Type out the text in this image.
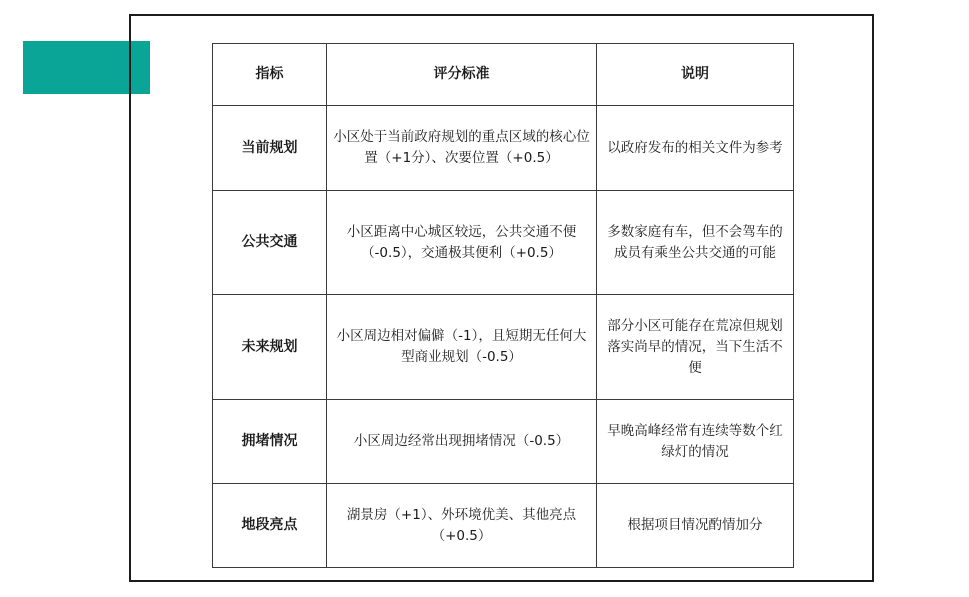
指标	评分标准	说明
当前规划	小区处于当前政府规划的重点区域的核心位置（+1分）、次要位置（+0.5）	以政府发布的相关文件为参考
公共交通	小区距离中心城区较远，公共交通不便（-0.5），交通极其便利（+0.5）	多数家庭有车，但不会驾车的成员有乘坐公共交通的可能
未来规划	小区周边相对偏僻（-1），且短期无任何大型商业规划（-0.5）	部分小区可能存在荒凉但规划落实尚早的情况，当下生活不便
拥堵情况	小区周边经常出现拥堵情况（-0.5）	早晚高峰经常有连续等数个红绿灯的情况
地段亮点	湖景房（+1）、外环境优美、其他亮点（+0.5）	根据项目情况酌情加分
